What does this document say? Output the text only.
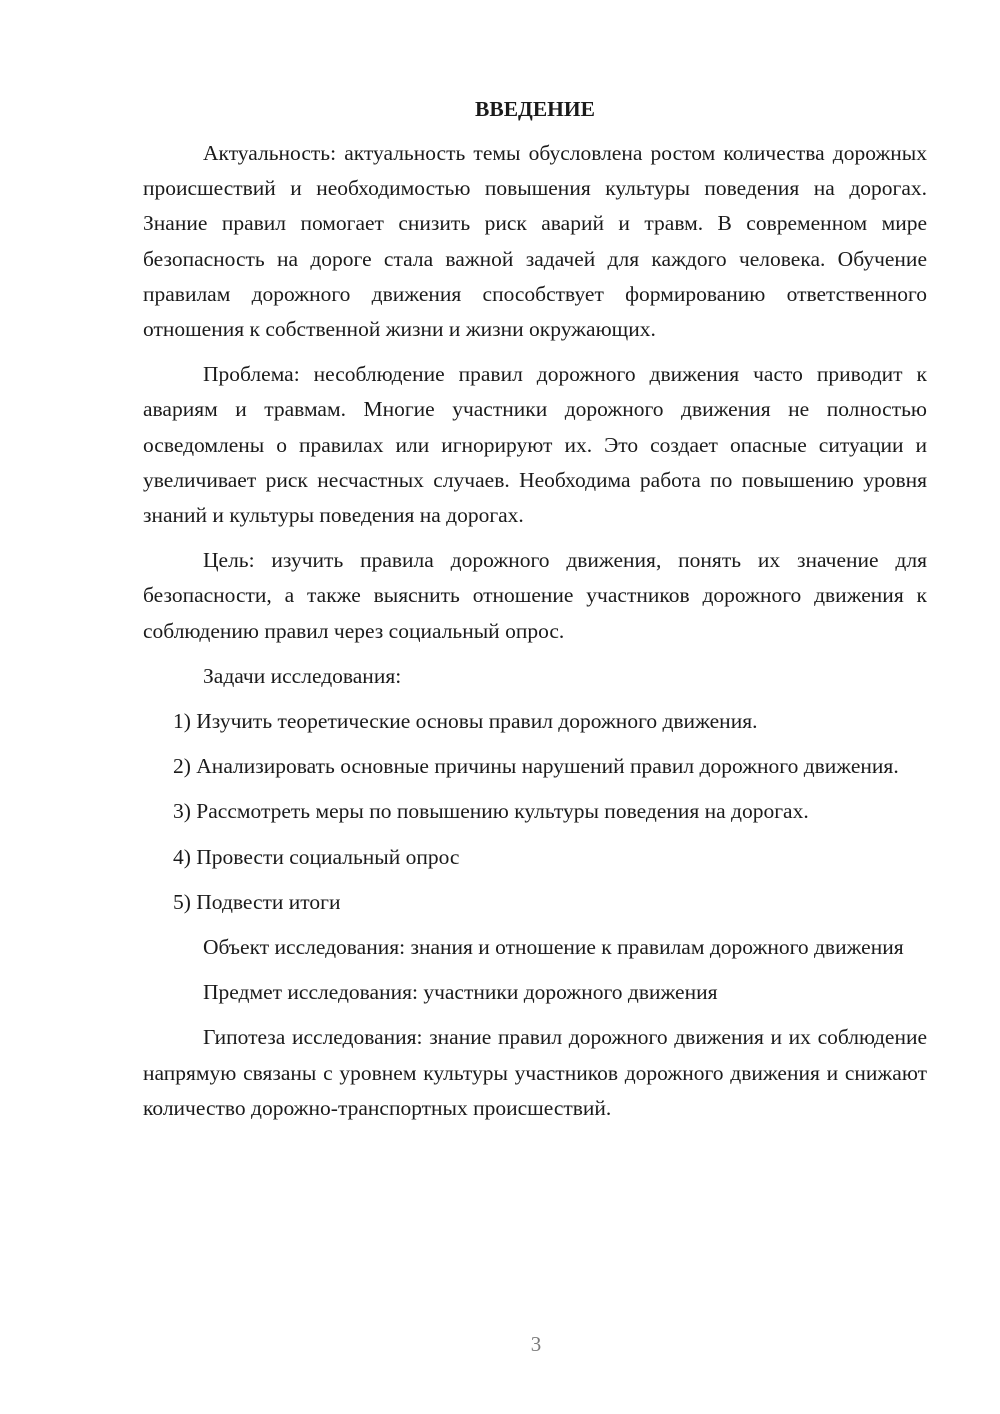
ВВЕДЕНИЕ

Актуальность: актуальность темы обусловлена ростом количества дорожных происшествий и необходимостью повышения культуры поведения на дорогах. Знание правил помогает снизить риск аварий и травм. В современном мире безопасность на дороге стала важной задачей для каждого человека. Обучение правилам дорожного движения способствует формированию ответственного отношения к собственной жизни и жизни окружающих.

Проблема: несоблюдение правил дорожного движения часто приводит к авариям и травмам. Многие участники дорожного движения не полностью осведомлены о правилах или игнорируют их. Это создает опасные ситуации и увеличивает риск несчастных случаев. Необходима работа по повышению уровня знаний и культуры поведения на дорогах.

Цель: изучить правила дорожного движения, понять их значение для безопасности, а также выяснить отношение участников дорожного движения к соблюдению правил через социальный опрос.

Задачи исследования:

1) Изучить теоретические основы правил дорожного движения.

2) Анализировать основные причины нарушений правил дорожного движения.

3) Рассмотреть меры по повышению культуры поведения на дорогах.

4) Провести социальный опрос

5) Подвести итоги

Объект исследования: знания и отношение к правилам дорожного движения

Предмет исследования: участники дорожного движения

Гипотеза исследования: знание правил дорожного движения и их соблюдение напрямую связаны с уровнем культуры участников дорожного движения и снижают количество дорожно-транспортных происшествий.

3
